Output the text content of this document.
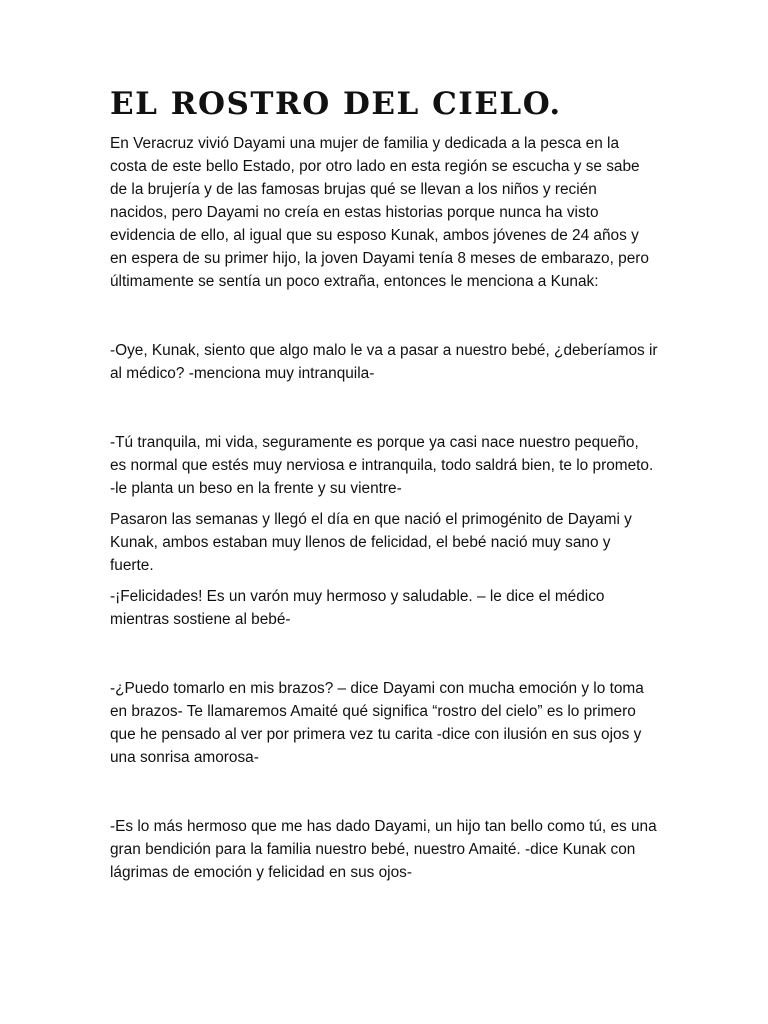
EL ROSTRO DEL CIELO.

En Veracruz vivió Dayami una mujer de familia y dedicada a la pesca en la costa de este bello Estado, por otro lado en esta región se escucha y se sabe de la brujería y de las famosas brujas qué se llevan a los niños y recién nacidos, pero Dayami no creía en estas historias porque nunca ha visto evidencia de ello, al igual que su esposo Kunak, ambos jóvenes de 24 años y en espera de su primer hijo, la joven Dayami tenía 8 meses de embarazo, pero últimamente se sentía un poco extraña, entonces le menciona a Kunak:

-Oye, Kunak, siento que algo malo le va a pasar a nuestro bebé, ¿deberíamos ir al médico? -menciona muy intranquila-

-Tú tranquila, mi vida, seguramente es porque ya casi nace nuestro pequeño, es normal que estés muy nerviosa e intranquila, todo saldrá bien, te lo prometo. -le planta un beso en la frente y su vientre-

Pasaron las semanas y llegó el día en que nació el primogénito de Dayami y Kunak, ambos estaban muy llenos de felicidad, el bebé nació muy sano y fuerte.

-¡Felicidades! Es un varón muy hermoso y saludable. – le dice el médico mientras sostiene al bebé-

-¿Puedo tomarlo en mis brazos? – dice Dayami con mucha emoción y lo toma en brazos- Te llamaremos Amaité qué significa “rostro del cielo” es lo primero que he pensado al ver por primera vez tu carita -dice con ilusión en sus ojos y una sonrisa amorosa-

-Es lo más hermoso que me has dado Dayami, un hijo tan bello como tú, es una gran bendición para la familia nuestro bebé, nuestro Amaité. -dice Kunak con lágrimas de emoción y felicidad en sus ojos-
